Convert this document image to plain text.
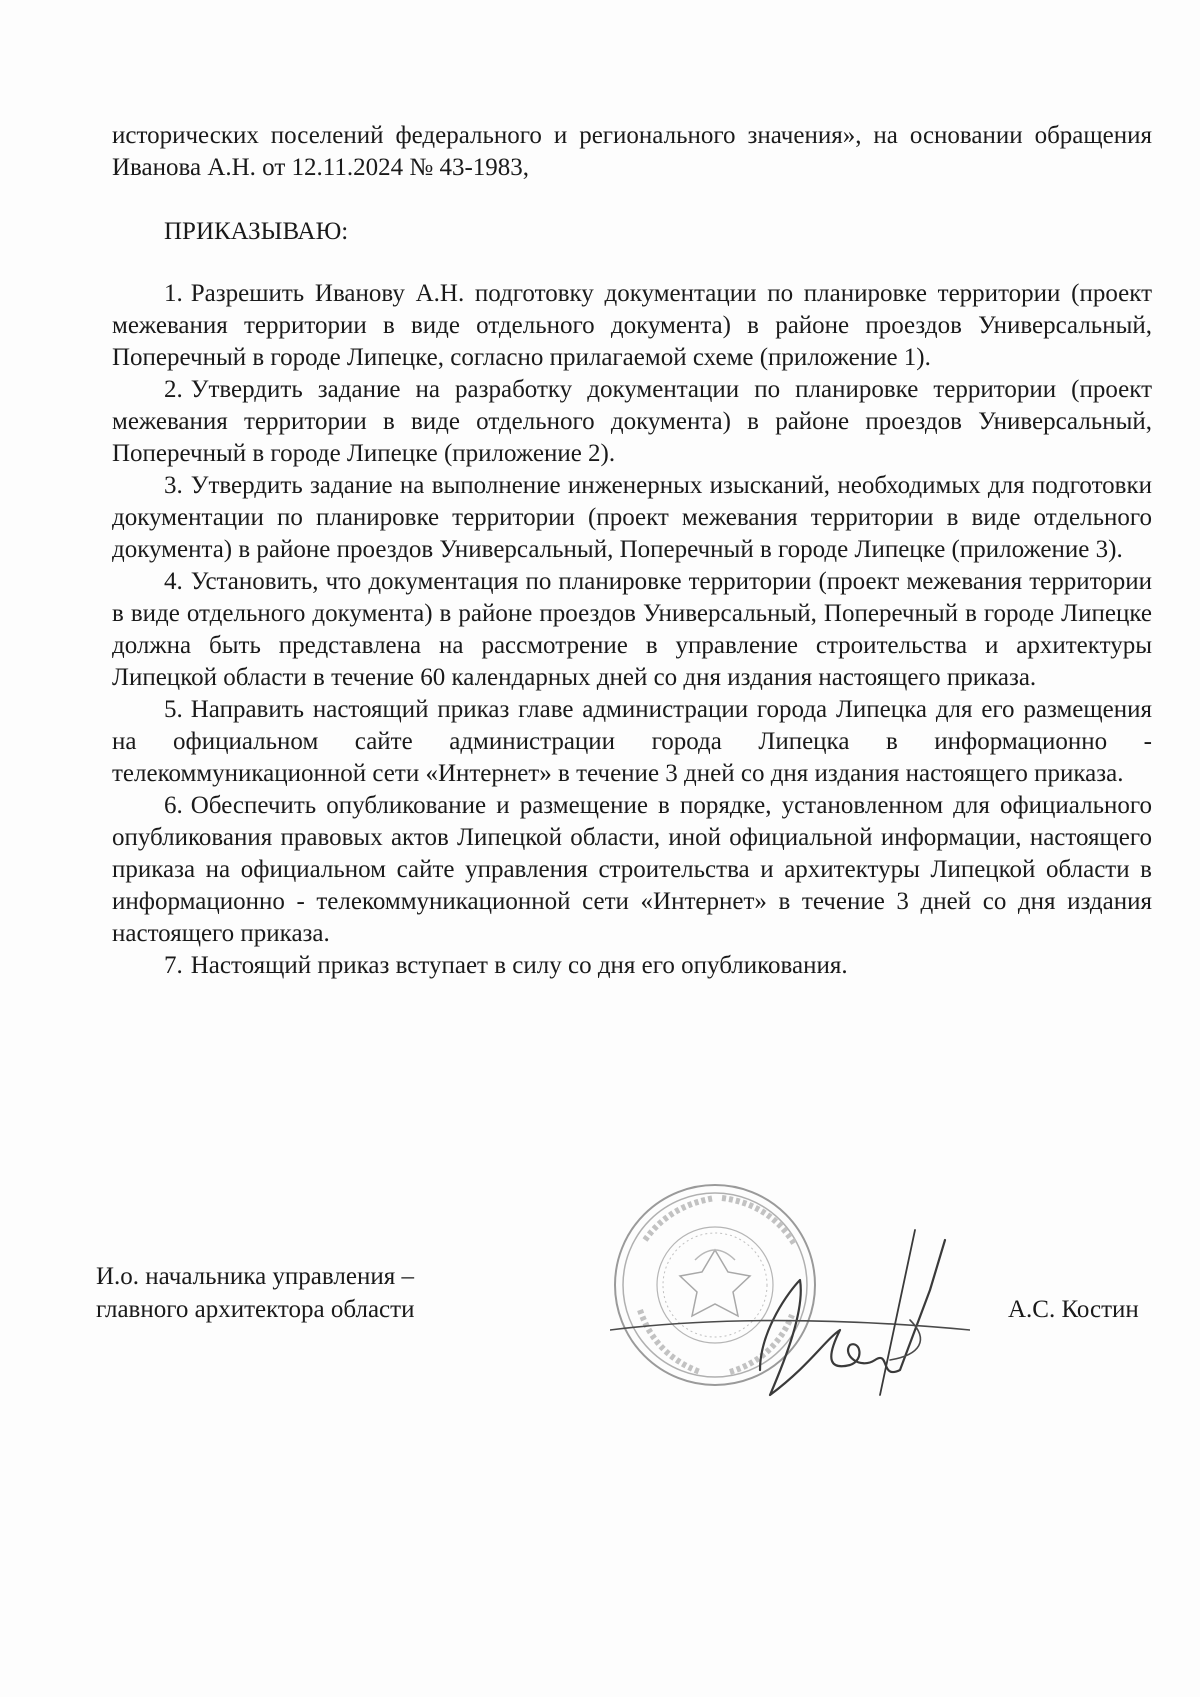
исторических поселений федерального и регионального значения», на основании обращения Иванова А.Н. от 12.11.2024 № 43-1983,

ПРИКАЗЫВАЮ:

1. Разрешить Иванову А.Н. подготовку документации по планировке территории (проект межевания территории в виде отдельного документа) в районе проездов Универсальный, Поперечный в городе Липецке, согласно прилагаемой схеме (приложение 1).

2. Утвердить задание на разработку документации по планировке территории (проект межевания территории в виде отдельного документа) в районе проездов Универсальный, Поперечный в городе Липецке (приложение 2).

3. Утвердить задание на выполнение инженерных изысканий, необходимых для подготовки документации по планировке территории (проект межевания территории в виде отдельного документа) в районе проездов Универсальный, Поперечный в городе Липецке (приложение 3).

4. Установить, что документация по планировке территории (проект межевания территории в виде отдельного документа) в районе проездов Универсальный, Поперечный в городе Липецке должна быть представлена на рассмотрение в управление строительства и архитектуры Липецкой области в течение 60 календарных дней со дня издания настоящего приказа.

5. Направить настоящий приказ главе администрации города Липецка для его размещения на официальном сайте администрации города Липецка в информационно - телекоммуникационной сети «Интернет» в течение 3 дней со дня издания настоящего приказа.

6. Обеспечить опубликование и размещение в порядке, установленном для официального опубликования правовых актов Липецкой области, иной официальной информации, настоящего приказа на официальном сайте управления строительства и архитектуры Липецкой области в информационно - телекоммуникационной сети «Интернет» в течение 3 дней со дня издания настоящего приказа.

7. Настоящий приказ вступает в силу со дня его опубликования.

И.о. начальника управления –
главного архитектора области	А.С. Костин
